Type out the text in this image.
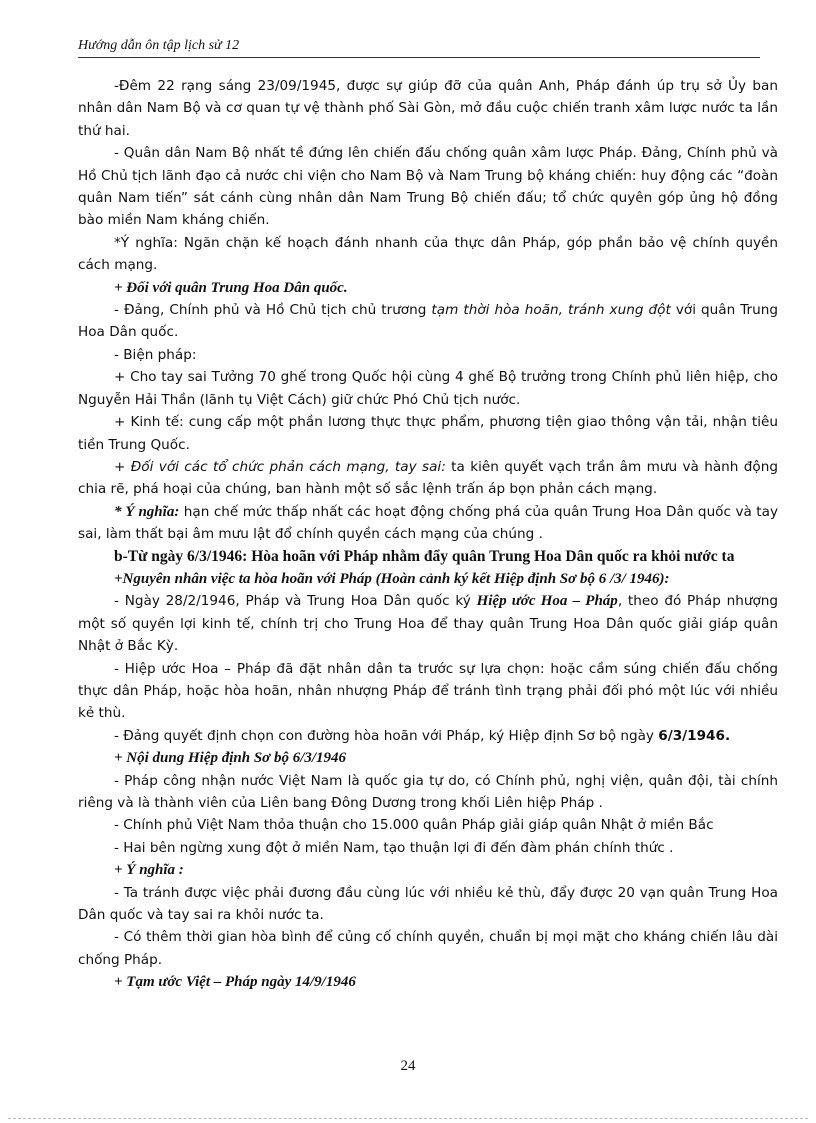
Hướng dẫn ôn tập lịch sử 12

-Đêm 22 rạng sáng 23/09/1945, được sự giúp đỡ của quân Anh, Pháp đánh úp trụ sở Ủy ban nhân dân Nam Bộ và cơ quan tự vệ thành phố Sài Gòn, mở đầu cuộc chiến tranh xâm lược nước ta lần thứ hai.

- Quân dân Nam Bộ nhất tề đứng lên chiến đấu chống quân xâm lược Pháp. Đảng, Chính phủ và Hồ Chủ tịch lãnh đạo cả nước chi viện cho Nam Bộ và Nam Trung bộ kháng chiến: huy động các “đoàn quân Nam tiến” sát cánh cùng nhân dân Nam Trung Bộ chiến đấu; tổ chức quyên góp ủng hộ đồng bào miền Nam kháng chiến.

*Ý nghĩa: Ngăn chặn kế hoạch đánh nhanh của thực dân Pháp, góp phần bảo vệ chính quyền cách mạng.

+ Đối với quân Trung Hoa Dân quốc.

- Đảng, Chính phủ và Hồ Chủ tịch chủ trương tạm thời hòa hoãn, tránh xung đột với quân Trung Hoa Dân quốc.

- Biện pháp:

+ Cho tay sai Tưởng 70 ghế trong Quốc hội cùng 4 ghế Bộ trưởng trong Chính phủ liên hiệp, cho Nguyễn Hải Thần (lãnh tụ Việt Cách) giữ chức Phó Chủ tịch nước.

+ Kinh tế: cung cấp một phần lương thực thực phẩm, phương tiện giao thông vận tải, nhận tiêu tiền Trung Quốc.

+ Đối với các tổ chức phản cách mạng, tay sai: ta kiên quyết vạch trần âm mưu và hành động chia rẽ, phá hoại của chúng, ban hành một số sắc lệnh trấn áp bọn phản cách mạng.

* Ý nghĩa: hạn chế mức thấp nhất các hoạt động chống phá của quân Trung Hoa Dân quốc và tay sai, làm thất bại âm mưu lật đổ chính quyền cách mạng của chúng .

b-Từ ngày 6/3/1946: Hòa hoãn với Pháp nhằm đẩy quân Trung Hoa Dân quốc ra khỏi nước ta

+Nguyên nhân việc ta hòa hoãn với Pháp (Hoàn cảnh ký kết Hiệp định Sơ bộ 6 /3/ 1946):

- Ngày 28/2/1946, Pháp và Trung Hoa Dân quốc ký Hiệp ước Hoa – Pháp, theo đó Pháp nhượng một số quyền lợi kinh tế, chính trị cho Trung Hoa để thay quân Trung Hoa Dân quốc giải giáp quân Nhật ở Bắc Kỳ.

- Hiệp ước Hoa – Pháp đã đặt nhân dân ta trước sự lựa chọn: hoặc cầm súng chiến đấu chống thực dân Pháp, hoặc hòa hoãn, nhân nhượng Pháp để tránh tình trạng phải đối phó một lúc với nhiều kẻ thù.

- Đảng quyết định chọn con đường hòa hoãn với Pháp, ký Hiệp định Sơ bộ ngày 6/3/1946.

+ Nội dung Hiệp định Sơ bộ 6/3/1946

- Pháp công nhận nước Việt Nam là quốc gia tự do, có Chính phủ, nghị viện, quân đội, tài chính riêng và là thành viên của Liên bang Đông Dương trong khối Liên hiệp Pháp .

- Chính phủ Việt Nam thỏa thuận cho 15.000 quân Pháp giải giáp quân Nhật ở miền Bắc

- Hai bên ngừng xung đột ở miền Nam, tạo thuận lợi đi đến đàm phán chính thức .

+ Ý nghĩa :

- Ta tránh được việc phải đương đầu cùng lúc với nhiều kẻ thù, đẩy được 20 vạn quân Trung Hoa Dân quốc và tay sai ra khỏi nước ta.

- Có thêm thời gian hòa bình để củng cố chính quyền, chuẩn bị mọi mặt cho kháng chiến lâu dài chống Pháp.

+ Tạm ước Việt – Pháp ngày 14/9/1946

24
